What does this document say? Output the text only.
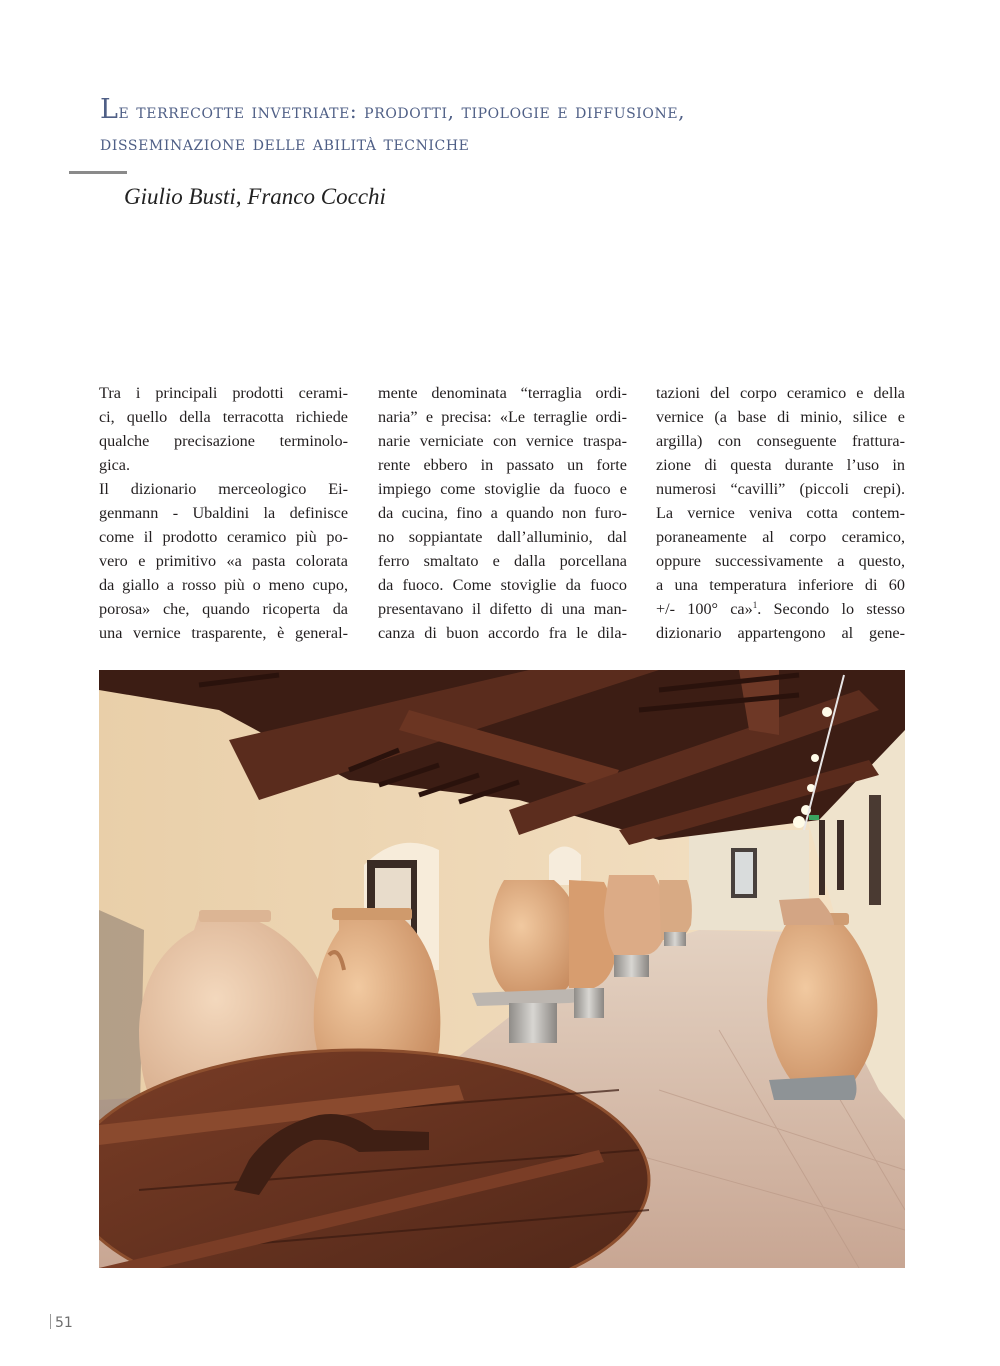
Le terrecotte invetriate: prodotti, tipologie e diffusione,
disseminazione delle abilità tecniche
Giulio Busti, Franco Cocchi
Tra i principali prodotti cerami-
ci, quello della terracotta richiede
qualche precisazione terminolo-
gica.
Il dizionario merceologico Ei-
genmann - Ubaldini la definisce
come il prodotto ceramico più po-
vero e primitivo «a pasta colorata
da giallo a rosso più o meno cupo,
porosa» che, quando ricoperta da
una vernice trasparente, è general-
mente denominata “terraglia ordi-
naria” e precisa: «Le terraglie ordi-
narie verniciate con vernice traspa-
rente ebbero in passato un forte
impiego come stoviglie da fuoco e
da cucina, fino a quando non furo-
no soppiantate dall’alluminio, dal
ferro smaltato e dalla porcellana
da fuoco. Come stoviglie da fuoco
presentavano il difetto di una man-
canza di buon accordo fra le dila-
tazioni del corpo ceramico e della
vernice (a base di minio, silice e
argilla) con conseguente frattura-
zione di questa durante l’uso in
numerosi “cavilli” (piccoli crepi).
La vernice veniva cotta contem-
poraneamente al corpo ceramico,
oppure successivamente a questo,
a una temperatura inferiore di 60
+/- 100° ca»$^1$. Secondo lo stesso
dizionario appartengono al gene-
51
